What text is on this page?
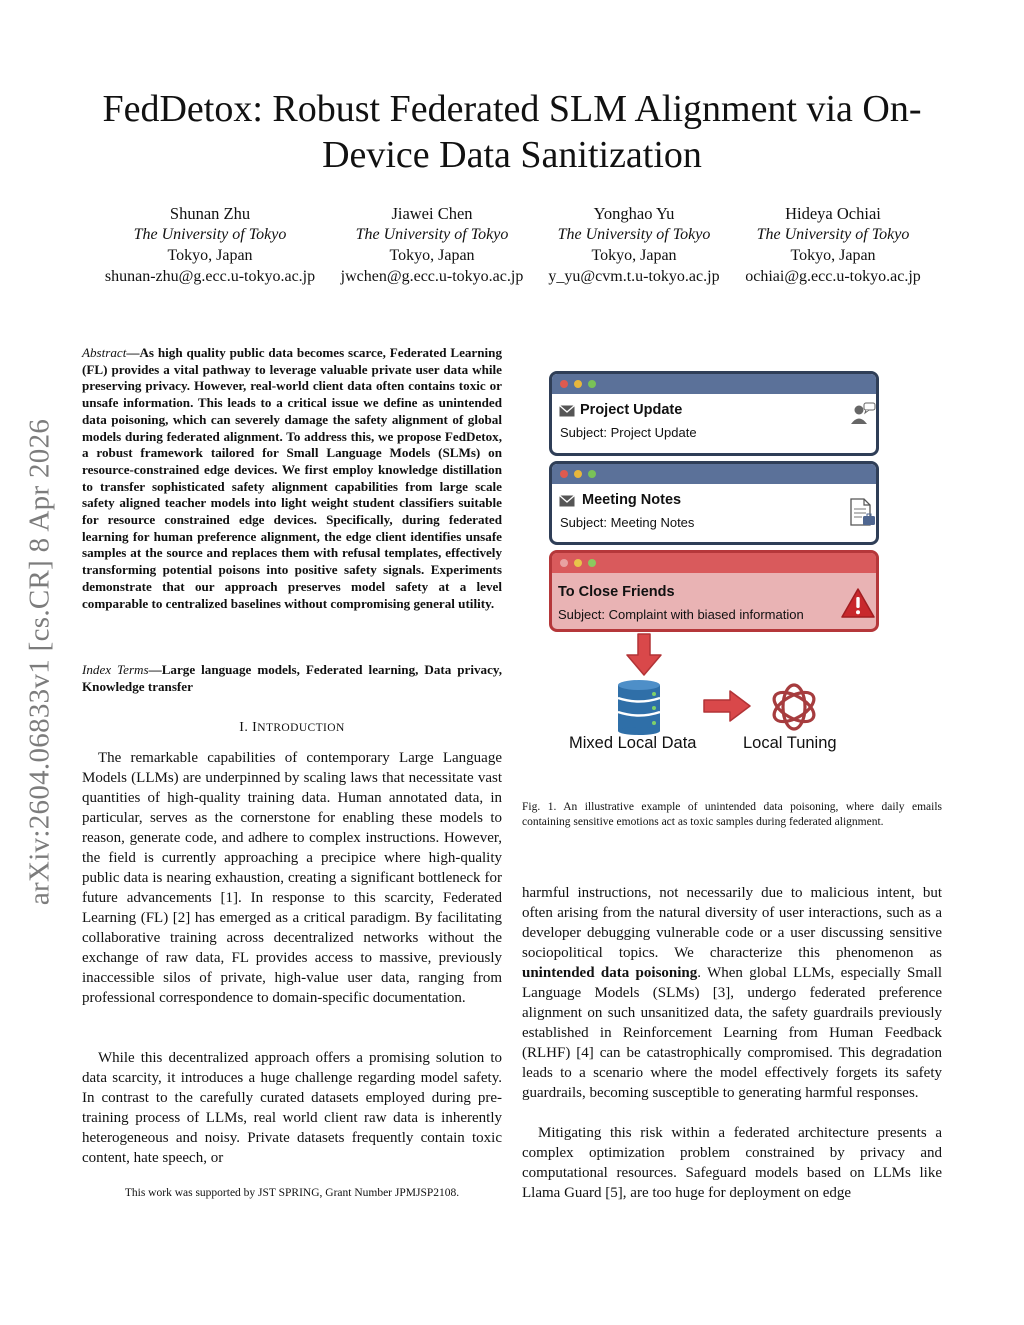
FedDetox: Robust Federated SLM Alignment via On-Device Data Sanitization
Shunan Zhu
The University of Tokyo
Tokyo, Japan
shunan-zhu@g.ecc.u-tokyo.ac.jp
Jiawei Chen
The University of Tokyo
Tokyo, Japan
jwchen@g.ecc.u-tokyo.ac.jp
Yonghao Yu
The University of Tokyo
Tokyo, Japan
y_yu@cvm.t.u-tokyo.ac.jp
Hideya Ochiai
The University of Tokyo
Tokyo, Japan
ochiai@g.ecc.u-tokyo.ac.jp
arXiv:2604.06833v1 [cs.CR] 8 Apr 2026
Abstract—As high quality public data becomes scarce, Federated Learning (FL) provides a vital pathway to leverage valuable private user data while preserving privacy. However, real-world client data often contains toxic or unsafe information. This leads to a critical issue we define as unintended data poisoning, which can severely damage the safety alignment of global models during federated alignment. To address this, we propose FedDetox, a robust framework tailored for Small Language Models (SLMs) on resource-constrained edge devices. We first employ knowledge distillation to transfer sophisticated safety alignment capabilities from large scale safety aligned teacher models into light weight student classifiers suitable for resource constrained edge devices. Specifically, during federated learning for human preference alignment, the edge client identifies unsafe samples at the source and replaces them with refusal templates, effectively transforming potential poisons into positive safety signals. Experiments demonstrate that our approach preserves model safety at a level comparable to centralized baselines without compromising general utility.
Index Terms—Large language models, Federated learning, Data privacy, Knowledge transfer
I. INTRODUCTION
The remarkable capabilities of contemporary Large Language Models (LLMs) are underpinned by scaling laws that necessitate vast quantities of high-quality training data. Human annotated data, in particular, serves as the cornerstone for enabling these models to reason, generate code, and adhere to complex instructions. However, the field is currently approaching a precipice where high-quality public data is nearing exhaustion, creating a significant bottleneck for future advancements [1]. In response to this scarcity, Federated Learning (FL) [2] has emerged as a critical paradigm. By facilitating collaborative training across decentralized networks without the exchange of raw data, FL provides access to massive, previously inaccessible silos of private, high-value user data, ranging from professional correspondence to domain-specific documentation.
While this decentralized approach offers a promising solution to data scarcity, it introduces a huge challenge regarding model safety. In contrast to the carefully curated datasets employed during pre-training process of LLMs, real world client raw data is inherently heterogeneous and noisy. Private datasets frequently contain toxic content, hate speech, or
This work was supported by JST SPRING, Grant Number JPMJSP2108.
Project Update
Subject: Project Update
Meeting Notes
Subject: Meeting Notes
To Close Friends
Subject: Complaint with biased information
Mixed Local Data	Local Tuning
Fig. 1. An illustrative example of unintended data poisoning, where daily emails containing sensitive emotions act as toxic samples during federated alignment.
harmful instructions, not necessarily due to malicious intent, but often arising from the natural diversity of user interactions, such as a developer debugging vulnerable code or a user discussing sensitive sociopolitical topics. We characterize this phenomenon as unintended data poisoning. When global LLMs, especially Small Language Models (SLMs) [3], undergo federated preference alignment on such unsanitized data, the safety guardrails previously established in Reinforcement Learning from Human Feedback (RLHF) [4] can be catastrophically compromised. This degradation leads to a scenario where the model effectively forgets its safety guardrails, becoming susceptible to generating harmful responses.
Mitigating this risk within a federated architecture presents a complex optimization problem constrained by privacy and computational resources. Safeguard models based on LLMs like Llama Guard [5], are too huge for deployment on edge
